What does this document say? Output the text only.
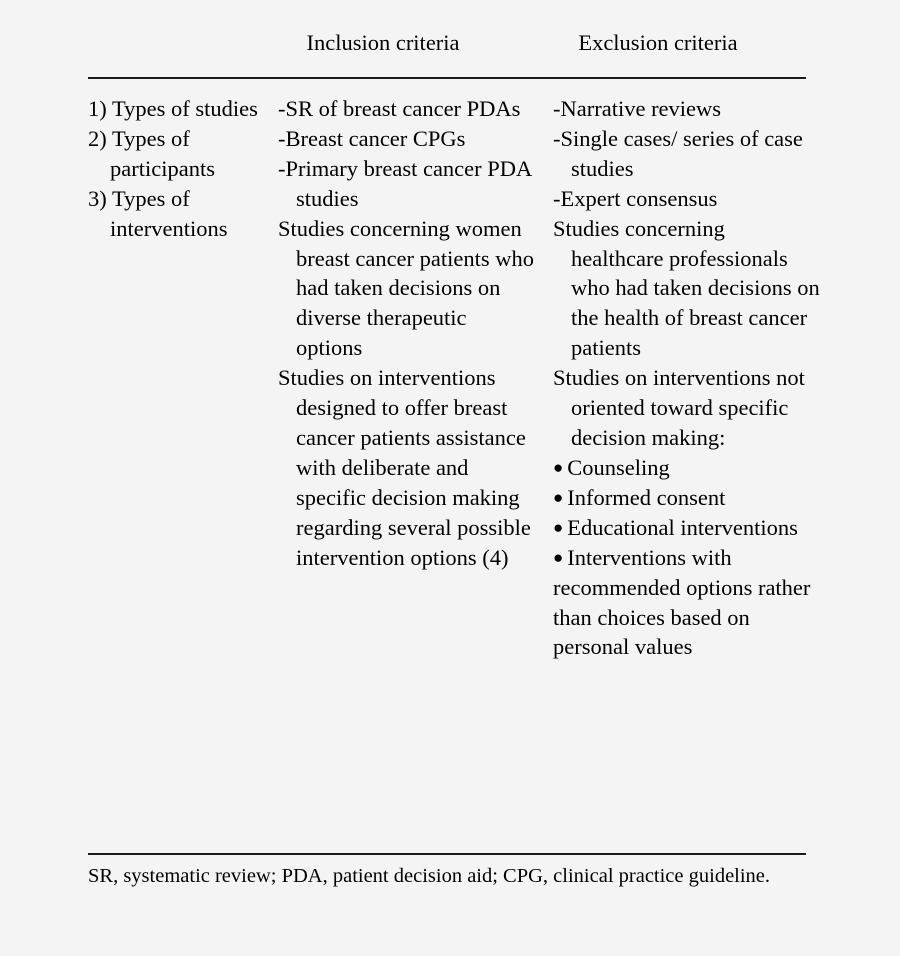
Inclusion criteria	Exclusion criteria
1) Types of studies
2) Types of participants
3) Types of interventions
-SR of breast cancer PDAs
-Breast cancer CPGs
-Primary breast cancer PDA studies
Studies concerning women breast cancer patients who had taken decisions on diverse therapeutic options
Studies on interventions designed to offer breast cancer patients assistance with deliberate and specific decision making regarding several possible intervention options (4)
-Narrative reviews
-Single cases/ series of case studies
-Expert consensus
Studies concerning healthcare professionals who had taken decisions on the health of breast cancer patients
Studies on interventions not oriented toward specific decision making:
● Counseling
● Informed consent
● Educational interventions
● Interventions with recommended options rather than choices based on personal values
SR, systematic review; PDA, patient decision aid; CPG, clinical practice guideline.
